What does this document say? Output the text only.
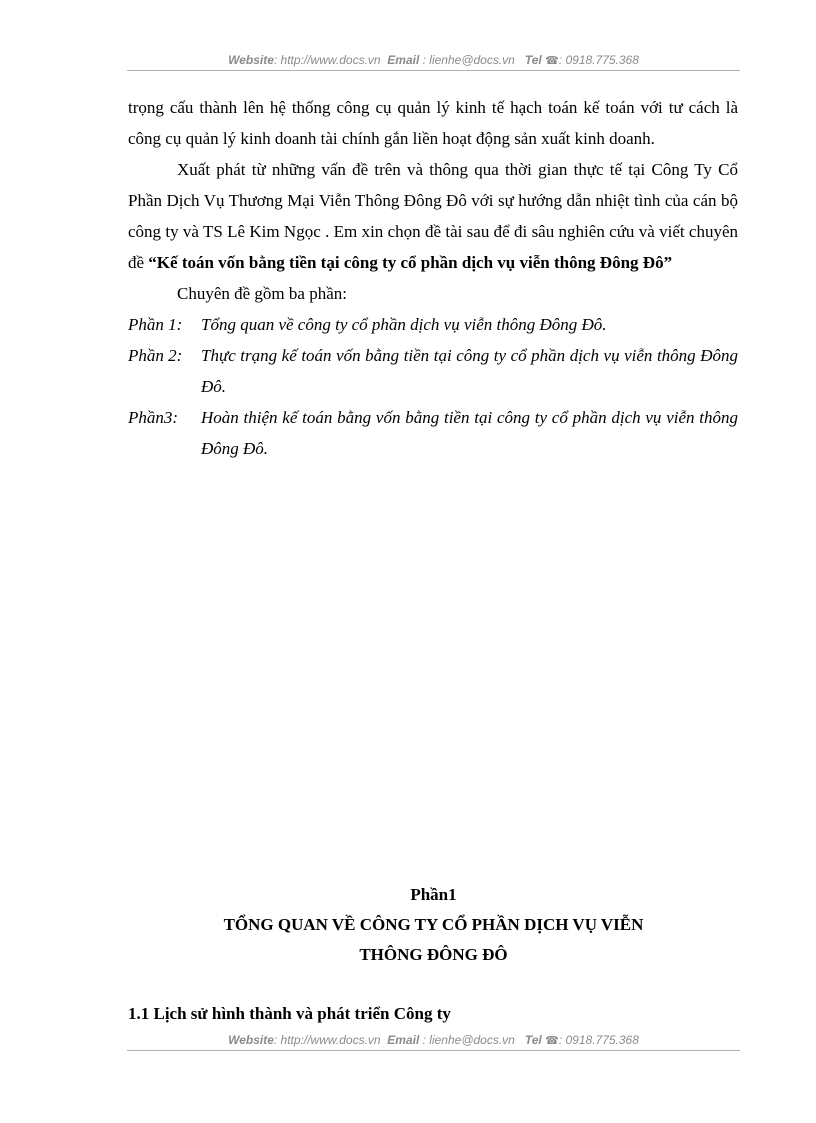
Website: http://www.docs.vn Email : lienhe@docs.vn Tel ☎: 0918.775.368

trọng cấu thành lên hệ thống công cụ quản lý kinh tế hạch toán kế toán với tư cách là công cụ quản lý kinh doanh tài chính gắn liền hoạt động sản xuất kinh doanh.

Xuất phát từ những vấn đề trên và thông qua thời gian thực tế tại Công Ty Cổ Phần Dịch Vụ Thương Mại Viễn Thông Đông Đô với sự hướng dẫn nhiệt tình của cán bộ công ty và TS Lê Kim Ngọc . Em xin chọn đề tài sau để đi sâu nghiên cứu và viết chuyên đề “Kế toán vốn bằng tiền tại công ty cổ phần dịch vụ viễn thông Đông Đô”

Chuyên đề gồm ba phần:

Phần 1:	Tổng quan về công ty cổ phần dịch vụ viễn thông Đông Đô.
Phần 2:	Thực trạng kế toán vốn bằng tiền tại công ty cổ phần dịch vụ viễn thông Đông Đô.
Phần3:	Hoàn thiện kế toán bằng vốn bằng tiền tại công ty cổ phần dịch vụ viễn thông Đông Đô.
Phần1
TỔNG QUAN VỀ CÔNG TY CỔ PHẦN DỊCH VỤ VIỄN
THÔNG ĐÔNG ĐÔ
1.1 Lịch sử hình thành và phát triển Công ty
Website: http://www.docs.vn Email : lienhe@docs.vn Tel ☎: 0918.775.368
